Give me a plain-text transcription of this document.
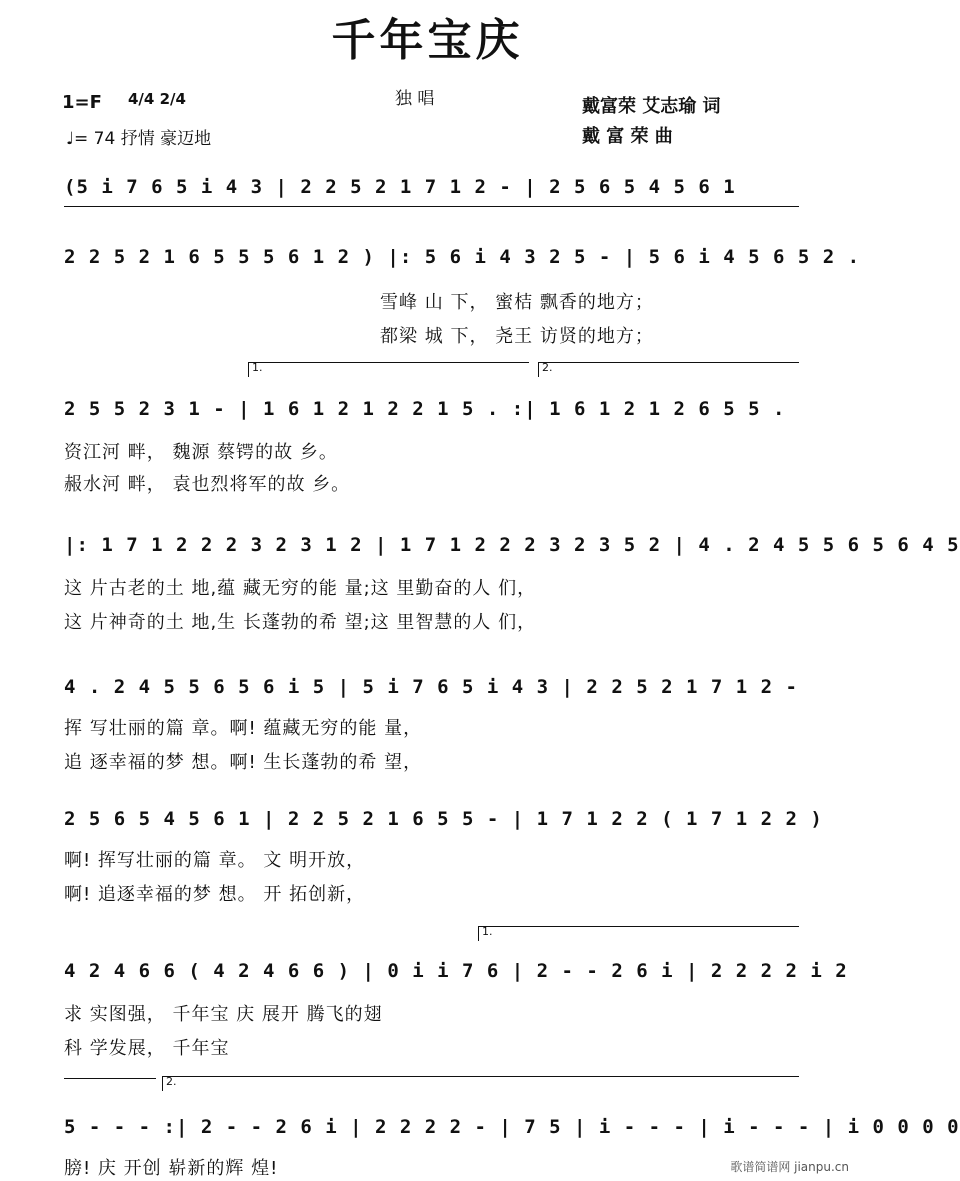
千年宝庆
1=F 4/4 2/4	独 唱	戴富荣 艾志瑜 词
♩= 74 抒情 豪迈地	戴 富 荣 曲
(5 i 7 6 5 i 4 3 | 2 2 5 2 1 7 1 2 - | 2 5 6 5 4 5 6 1
2 2 5 2 1 6 5 5 5 6 1 2 ) |: 5 6 i 4 3 2 5 - | 5 6 i 4 5 6 5 2 .
雪峰 山 下， 蜜桔 飘香的地方；
都梁 城 下， 尧王 访贤的地方；
1.	2.
2 5 5 2 3 1 - | 1 6 1 2 1 2 2 1 5 . :| 1 6 1 2 1 2 6 5 5 .
资江河 畔， 魏源 蔡锷的故 乡。
赧水河 畔， 袁也烈将军的故 乡。
|: 1 7 1 2 2 2 3 2 3 1 2 | 1 7 1 2 2 2 3 2 3 5 2 | 4 . 2 4 5 5 6 5 6 4 5
这 片古老的土 地,蕴 藏无穷的能 量;这 里勤奋的人 们，
这 片神奇的土 地,生 长蓬勃的希 望;这 里智慧的人 们，
4 . 2 4 5 5 6 5 6 i 5 | 5 i 7 6 5 i 4 3 | 2 2 5 2 1 7 1 2 -
挥 写壮丽的篇 章。啊! 蕴藏无穷的能 量，
追 逐幸福的梦 想。啊! 生长蓬勃的希 望，
2 5 6 5 4 5 6 1 | 2 2 5 2 1 6 5 5 - | 1 7 1 2 2 ( 1 7 1 2 2 )
啊! 挥写壮丽的篇 章。 文 明开放，
啊! 追逐幸福的梦 想。 开 拓创新，
1.
4 2 4 6 6 ( 4 2 4 6 6 ) | 0 i i 7 6 | 2 - - 2 6 i | 2 2 2 2 i 2
求 实图强， 千年宝 庆 展开 腾飞的翅
科 学发展， 千年宝
2.
5 - - - :| 2 - - 2 6 i | 2 2 2 2 - | 7 5 | i - - - | i - - - | i 0 0 0 0
膀! 庆 开创 崭新的辉 煌!	歌谱简谱网 jianpu.cn
